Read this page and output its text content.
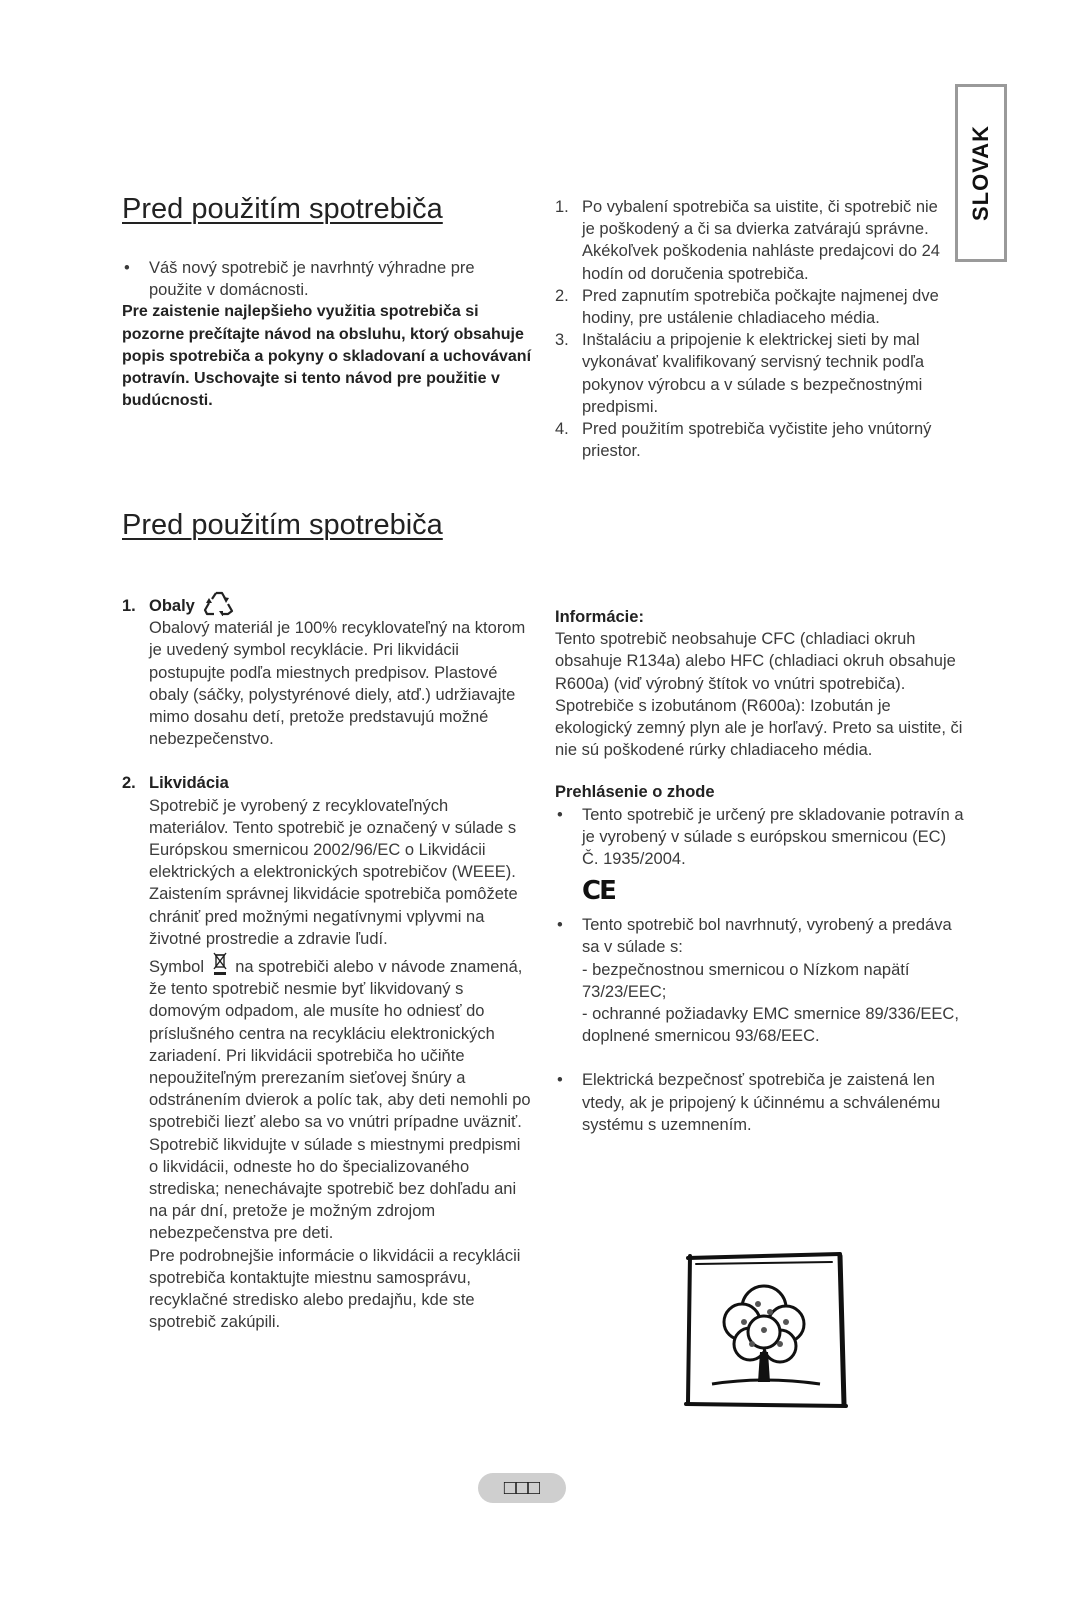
SLOVAK
Pred použitím spotrebiča
• Váš nový spotrebič je navrhntý výhradne pre použite v domácnosti.

Pre zaistenie najlepšieho využitia spotrebiča si pozorne prečítajte návod na obsluhu, ktorý obsahuje popis spotrebiča a pokyny o skladovaní a uchovávaní potravín. Uschovajte si tento návod pre použitie v budúcnosti.

1. Po vybalení spotrebiča sa uistite, či spotrebič nie je poškodený a či sa dvierka zatvárajú správne. Akékoľvek poškodenia nahláste predajcovi do 24 hodín od doručenia spotrebiča.
2. Pred zapnutím spotrebiča počkajte najmenej dve hodiny, pre ustálenie chladiaceho média.
3. Inštaláciu a pripojenie k elektrickej sieti by mal vykonávať kvalifikovaný servisný technik podľa pokynov výrobcu a v súlade s bezpečnostnými predpismi.
4. Pred použitím spotrebiča vyčistite jeho vnútorný priestor.
Pred použitím spotrebiča
1. Obaly

Obalový materiál je 100% recyklovateľný na ktorom je uvedený symbol recyklácie. Pri likvidácii postupujte podľa miestnych predpisov. Plastové obaly (sáčky, polystyrénové diely, atď.) udržiavajte mimo dosahu detí, pretože predstavujú možné nebezpečenstvo.

2. Likvidácia

Spotrebič je vyrobený z recyklovateľných materiálov. Tento spotrebič je označený v súlade s Európskou smernicou 2002/96/EC o Likvidácii elektrických a elektronických spotrebičov (WEEE). Zaistením správnej likvidácie spotrebiča pomôžete chrániť pred možnými negatívnymi vplyvmi na životné prostredie a zdravie ľudí.

Symbol na spotrebiči alebo v návode znamená, že tento spotrebič nesmie byť likvidovaný s domovým odpadom, ale musíte ho odniesť do príslušného centra na recykláciu elektronických zariadení. Pri likvidácii spotrebiča ho učiňte nepoužiteľným prerezaním sieťovej šnúry a odstránením dvierok a políc tak, aby deti nemohli po spotrebiči liezť alebo sa vo vnútri prípadne uväzniť. Spotrebič likvidujte v súlade s miestnymi predpismi o likvidácii, odneste ho do špecializovaného strediska; nenechávajte spotrebič bez dohľadu ani na pár dní, pretože je možným zdrojom nebezpečenstva pre deti.

Pre podrobnejšie informácie o likvidácii a recyklácii spotrebiča kontaktujte miestnu samosprávu, recyklačné stredisko alebo predajňu, kde ste spotrebič zakúpili.

Informácie:

Tento spotrebič neobsahuje CFC (chladiaci okruh obsahuje R134a) alebo HFC (chladiaci okruh obsahuje R600a) (viď výrobný štítok vo vnútri spotrebiča).

Spotrebiče s izobutánom (R600a): Izobután je ekologický zemný plyn ale je horľavý. Preto sa uistite, či nie sú poškodené rúrky chladiaceho média.

Prehlásenie o zhode

• Tento spotrebič je určený pre skladovanie potravín a je vyrobený v súlade s európskou smernicou (EC) Č. 1935/2004.
CE
• Tento spotrebič bol navrhnutý, vyrobený a predáva sa v súlade s:
- bezpečnostnou smernicou o Nízkom napätí 73/23/EEC;
- ochranné požiadavky EMC smernice 89/336/EEC, doplnené smernicou 93/68/EEC.
• Elektrická bezpečnosť spotrebiča je zaistená len vtedy, ak je pripojený k účinnému a schválenému systému s uzemnením.
□□□
